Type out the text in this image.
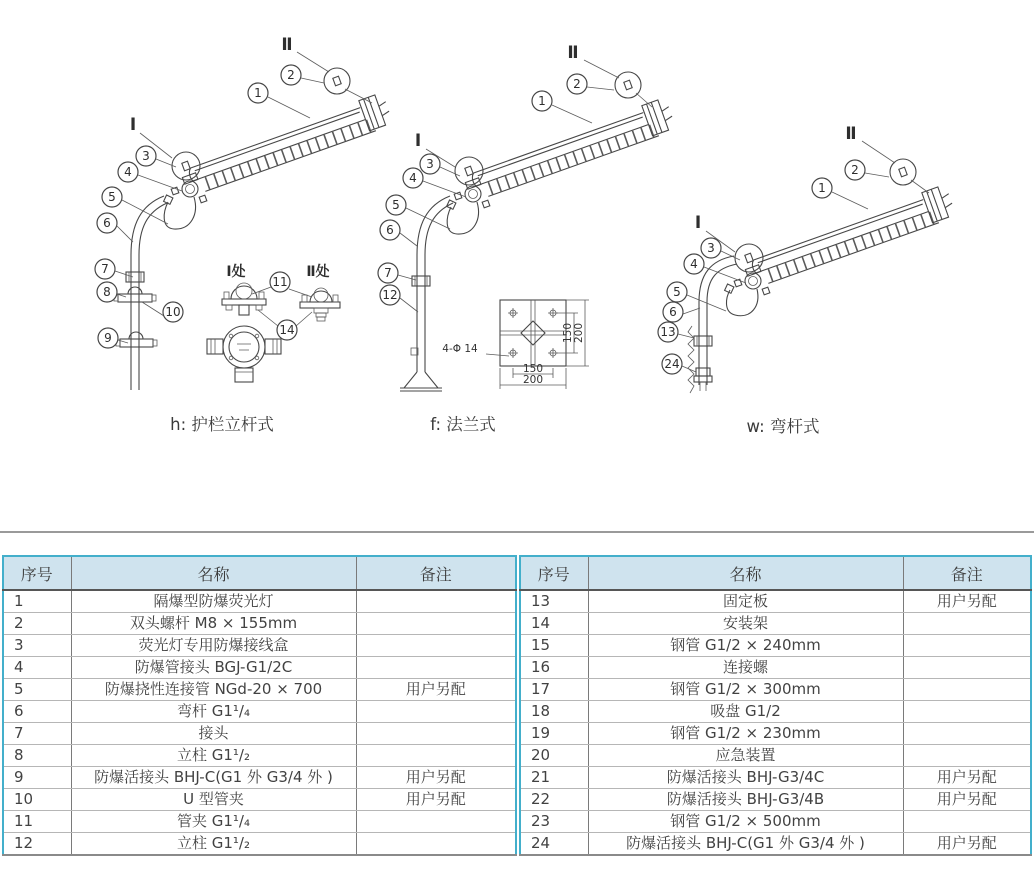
1
2
3
4
5
6
7
8
9
10
Ⅱ
Ⅰ
Ⅰ处	Ⅱ处
11
14
h: 护栏立杆式
1
2
3
4
5
6
7
12
Ⅱ
Ⅰ
4-Φ 14
150
200
150 200
f: 法兰式
1
2
3
4
5
6
13
24
Ⅱ
Ⅰ
w: 弯杆式
序号	名称	备注
1	隔爆型防爆荧光灯	
2	双头螺杆 M8 × 155mm	
3	荧光灯专用防爆接线盒	
4	防爆管接头 BGJ-G1/2C	
5	防爆挠性连接管 NGd-20 × 700	用户另配
6	弯杆 G1¹/₄	
7	接头	
8	立柱 G1¹/₂	
9	防爆活接头 BHJ-C(G1 外 G3/4 外 )	用户另配
10	U 型管夹	用户另配
11	管夹 G1¹/₄	
12	立柱 G1¹/₂	
序号	名称	备注
13	固定板	用户另配
14	安装架	
15	钢管 G1/2 × 240mm	
16	连接螺	
17	钢管 G1/2 × 300mm	
18	吸盘 G1/2	
19	钢管 G1/2 × 230mm	
20	应急装置	
21	防爆活接头 BHJ-G3/4C	用户另配
22	防爆活接头 BHJ-G3/4B	用户另配
23	钢管 G1/2 × 500mm	
24	防爆活接头 BHJ-C(G1 外 G3/4 外 )	用户另配
